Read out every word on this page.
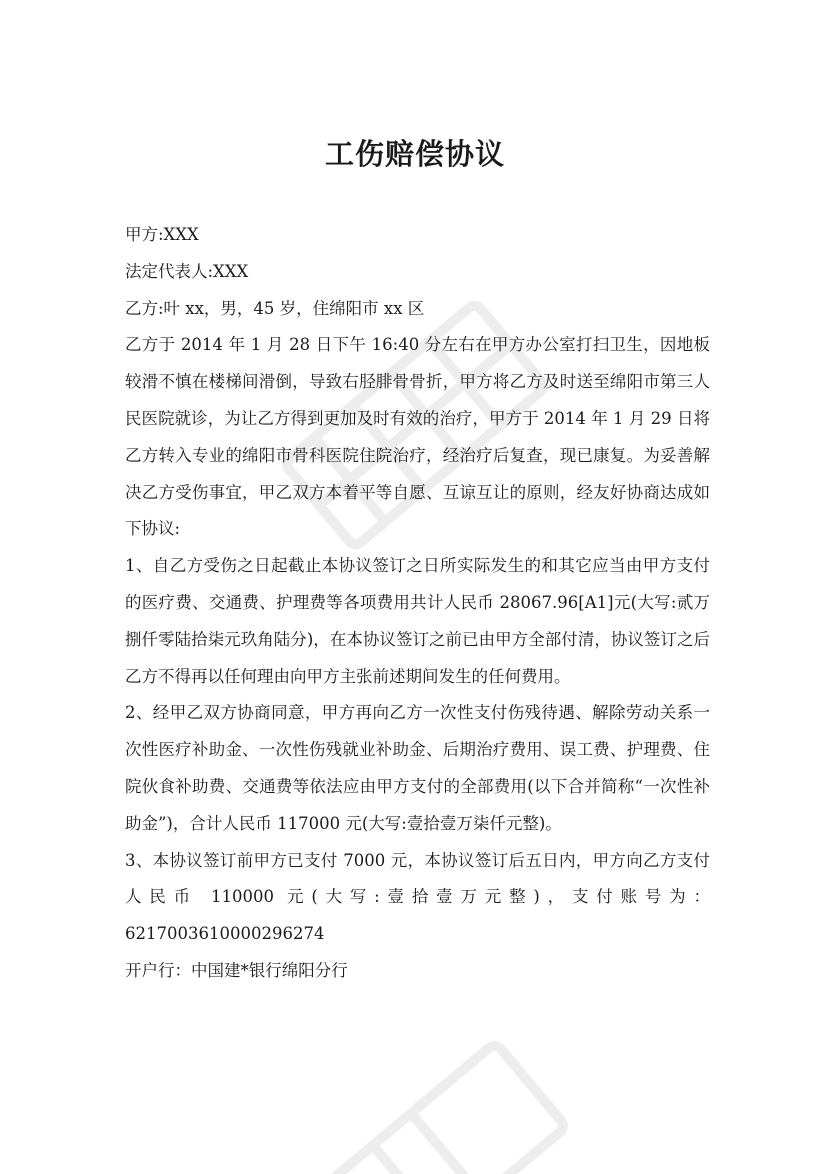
工伤赔偿协议

甲方:XXX

法定代表人:XXX

乙方:叶 xx，男，45 岁，住绵阳市 xx 区

乙方于 2014 年 1 月 28 日下午 16:40 分左右在甲方办公室打扫卫生，因地板较滑不慎在楼梯间滑倒，导致右胫腓骨骨折，甲方将乙方及时送至绵阳市第三人民医院就诊，为让乙方得到更加及时有效的治疗，甲方于 2014 年 1 月 29 日将乙方转入专业的绵阳市骨科医院住院治疗，经治疗后复查，现已康复。为妥善解决乙方受伤事宜，甲乙双方本着平等自愿、互谅互让的原则，经友好协商达成如下协议:

1、自乙方受伤之日起截止本协议签订之日所实际发生的和其它应当由甲方支付的医疗费、交通费、护理费等各项费用共计人民币 28067.96[A1]元(大写:贰万捌仟零陆拾柒元玖角陆分)，在本协议签订之前已由甲方全部付清，协议签订之后乙方不得再以任何理由向甲方主张前述期间发生的任何费用。

2、经甲乙双方协商同意，甲方再向乙方一次性支付伤残待遇、解除劳动关系一次性医疗补助金、一次性伤残就业补助金、后期治疗费用、误工费、护理费、住院伙食补助费、交通费等依法应由甲方支付的全部费用(以下合并简称“一次性补助金”)，合计人民币 117000 元(大写:壹拾壹万柒仟元整)。

3、本协议签订前甲方已支付 7000 元，本协议签订后五日内，甲方向乙方支付人民币 110000 元(大写:壹拾壹万元整)，支付账号为：6217003610000296274

开户行：中国建*银行绵阳分行
